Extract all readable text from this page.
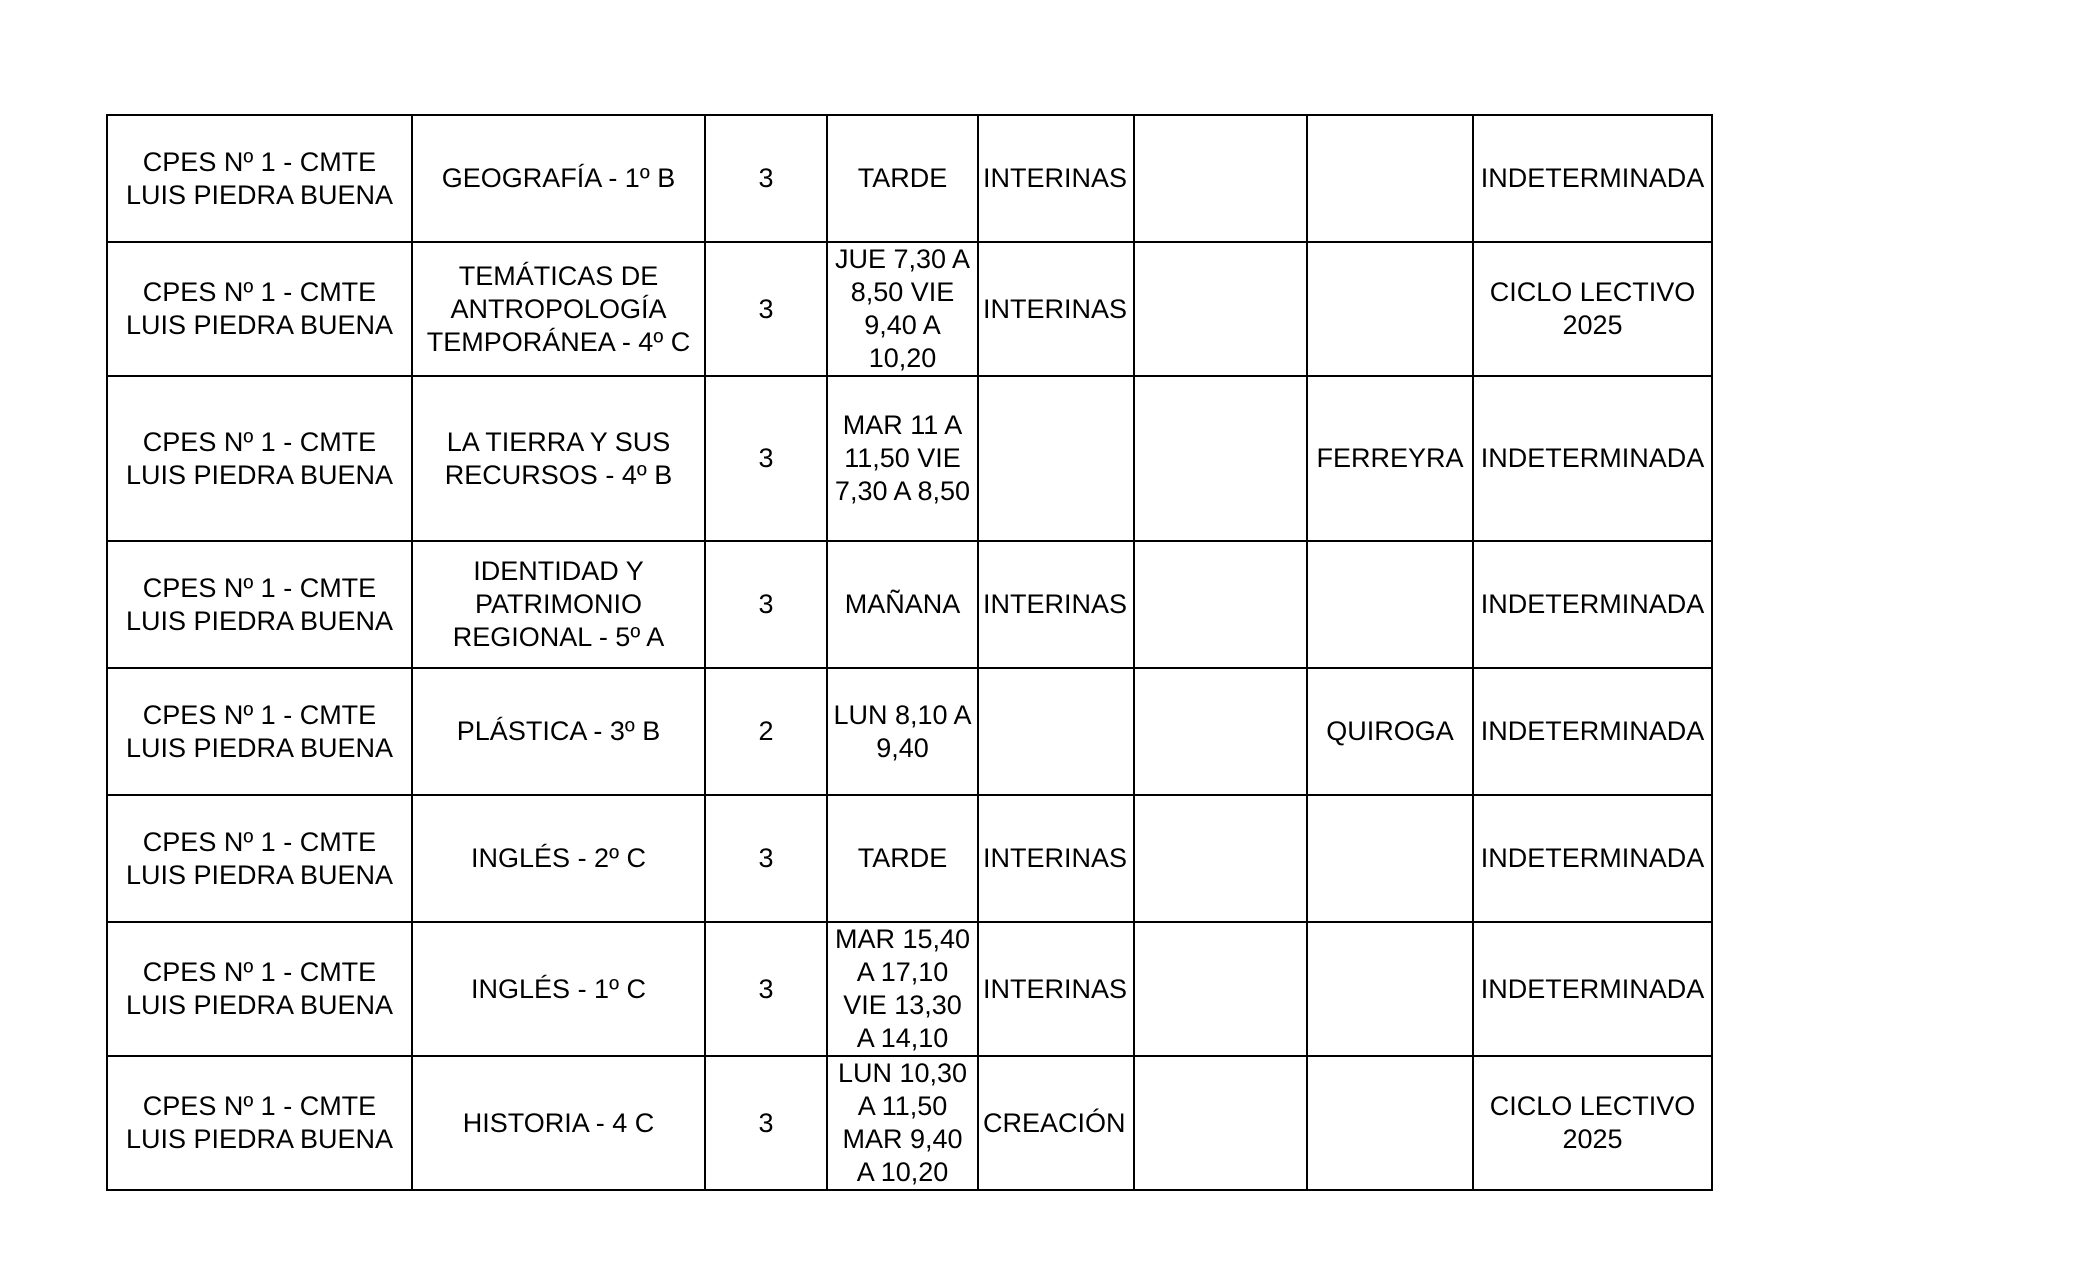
CPES Nº 1 - CMTE
LUIS PIEDRA BUENA	GEOGRAFÍA - 1º B	3	TARDE	INTERINAS			INDETERMINADA
CPES Nº 1 - CMTE
LUIS PIEDRA BUENA	TEMÁTICAS DE
ANTROPOLOGÍA
TEMPORÁNEA - 4º C	3	JUE 7,30 A
8,50 VIE
9,40 A
10,20	INTERINAS			CICLO LECTIVO
2025
CPES Nº 1 - CMTE
LUIS PIEDRA BUENA	LA TIERRA Y SUS
RECURSOS - 4º B	3	MAR 11 A
11,50 VIE
7,30 A 8,50			FERREYRA	INDETERMINADA
CPES Nº 1 - CMTE
LUIS PIEDRA BUENA	IDENTIDAD Y
PATRIMONIO
REGIONAL - 5º A	3	MAÑANA	INTERINAS			INDETERMINADA
CPES Nº 1 - CMTE
LUIS PIEDRA BUENA	PLÁSTICA - 3º B	2	LUN 8,10 A
9,40			QUIROGA	INDETERMINADA
CPES Nº 1 - CMTE
LUIS PIEDRA BUENA	INGLÉS - 2º C	3	TARDE	INTERINAS			INDETERMINADA
CPES Nº 1 - CMTE
LUIS PIEDRA BUENA	INGLÉS - 1º C	3	MAR 15,40
A 17,10
VIE 13,30
A 14,10	INTERINAS			INDETERMINADA
CPES Nº 1 - CMTE
LUIS PIEDRA BUENA	HISTORIA - 4 C	3	LUN 10,30
A 11,50
MAR 9,40
A 10,20	CREACIÓN			CICLO LECTIVO
2025
